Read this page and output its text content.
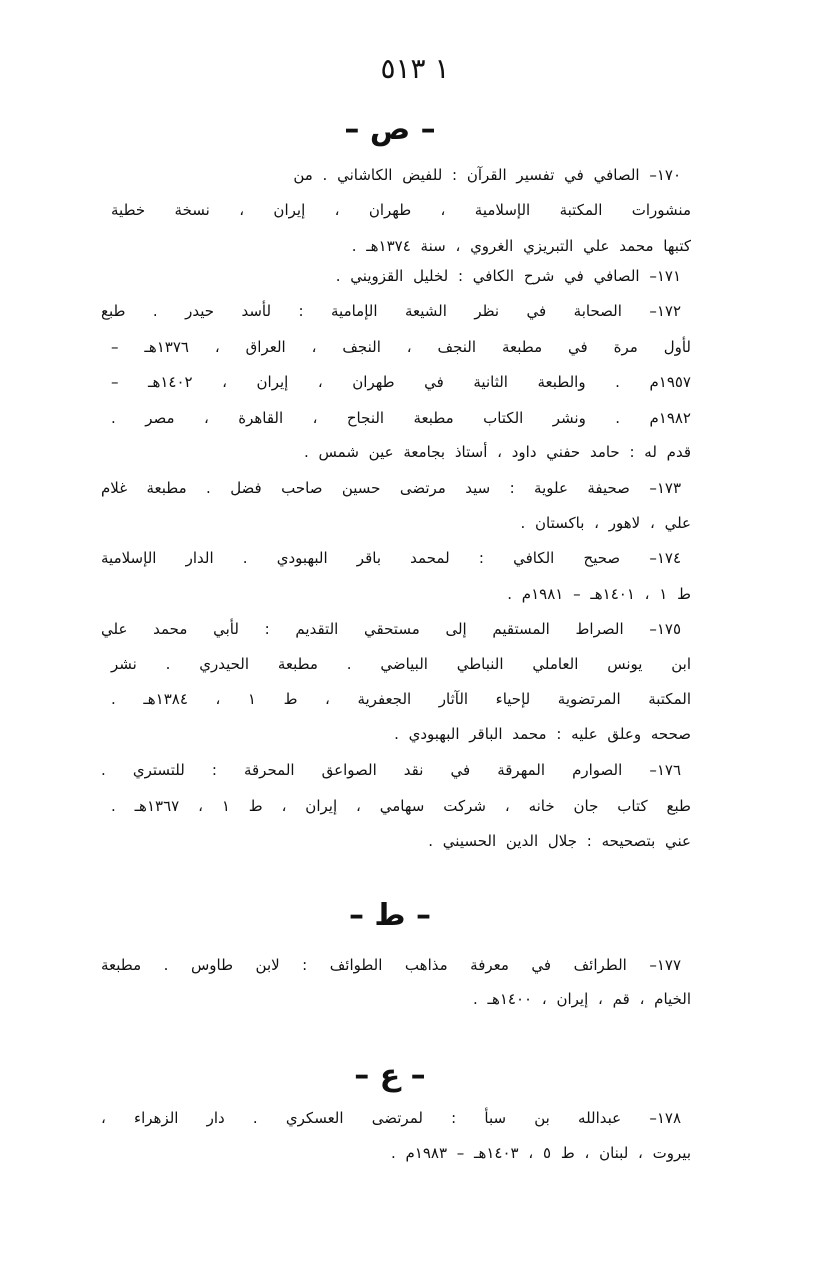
١ ٥١٣
– ص –
١٧٠– الصافي في تفسير القرآن : للفيض الكاشاني . من
منشورات المكتبة الإسلامية ، طهران ، إيران ، نسخة خطية
كتبها محمد علي التبريزي الغروي ، سنة ١٣٧٤هـ .
١٧١– الصافي في شرح الكافي : لخليل القزويني .
١٧٢– الصحابة في نظر الشيعة الإمامية : لأسد حيدر . طبع
لأول مرة في مطبعة النجف ، النجف ، العراق ، ١٣٧٦هـ –
١٩٥٧م . والطبعة الثانية في طهران ، إيران ، ١٤٠٢هـ –
١٩٨٢م . ونشر الكتاب مطبعة النجاح ، القاهرة ، مصر .
قدم له : حامد حفني داود ، أستاذ بجامعة عين شمس .
١٧٣– صحيفة علوية : سيد مرتضى حسين صاحب فضل . مطبعة غلام
علي ، لاهور ، باكستان .
١٧٤– صحيح الكافي : لمحمد باقر البهبودي . الدار الإسلامية
ط ١ ، ١٤٠١هـ – ١٩٨١م .
١٧٥– الصراط المستقيم إلى مستحقي التقديم : لأبي محمد علي
ابن يونس العاملي النباطي البياضي . مطبعة الحيدري . نشر
المكتبة المرتضوية لإحياء الآثار الجعفرية ، ط ١ ، ١٣٨٤هـ .
صححه وعلق عليه : محمد الباقر البهبودي .
١٧٦– الصوارم المهرقة في نقد الصواعق المحرقة : للتستري .
طبع كتاب جان خانه ، شركت سهامي ، إيران ، ط ١ ، ١٣٦٧هـ .
عني بتصحيحه : جلال الدين الحسيني .
– ط –
١٧٧– الطرائف في معرفة مذاهب الطوائف : لابن طاوس . مطبعة
الخيام ، قم ، إيران ، ١٤٠٠هـ .
– ع –
١٧٨– عبدالله بن سبأ : لمرتضى العسكري . دار الزهراء ،
بيروت ، لبنان ، ط ٥ ، ١٤٠٣هـ – ١٩٨٣م .
